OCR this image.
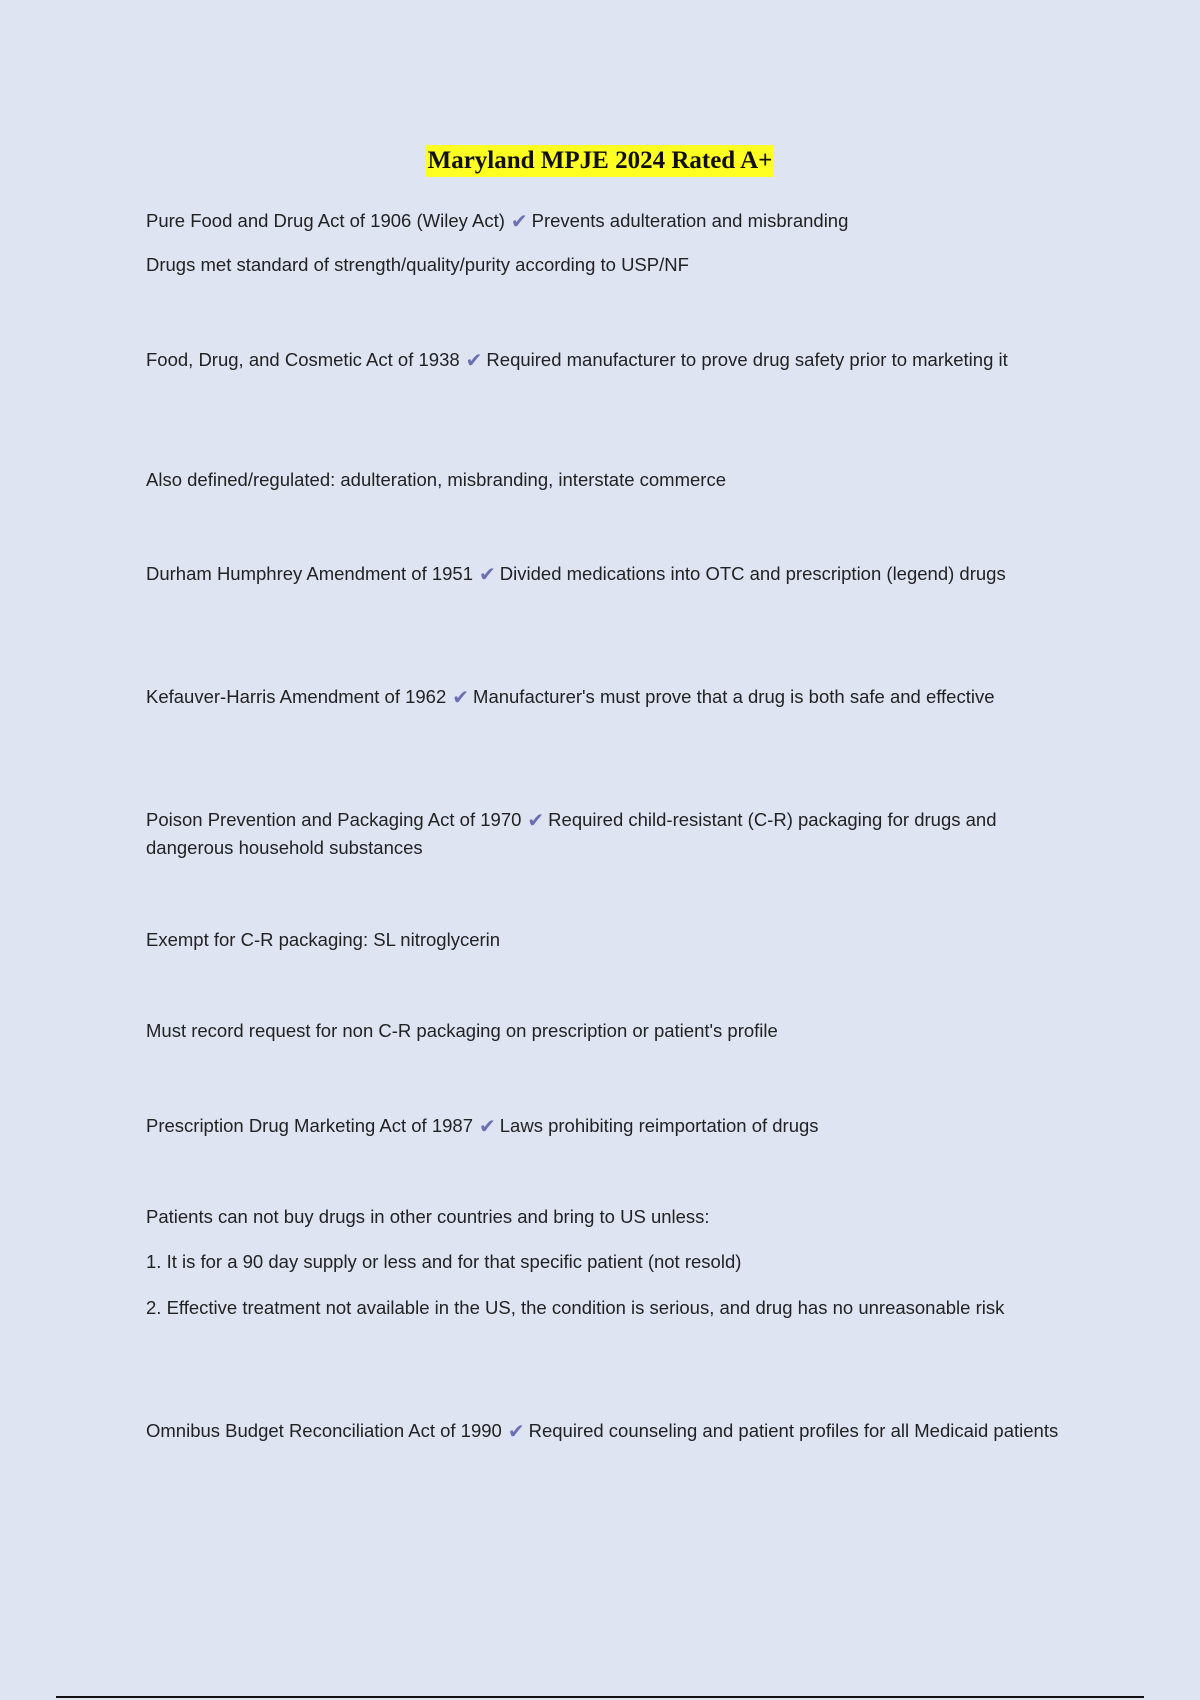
Maryland MPJE 2024 Rated A+
Pure Food and Drug Act of 1906 (Wiley Act) ✔ Prevents adulteration and misbranding
Drugs met standard of strength/quality/purity according to USP/NF
Food, Drug, and Cosmetic Act of 1938 ✔ Required manufacturer to prove drug safety prior to marketing it
Also defined/regulated: adulteration, misbranding, interstate commerce
Durham Humphrey Amendment of 1951 ✔ Divided medications into OTC and prescription (legend) drugs
Kefauver-Harris Amendment of 1962 ✔ Manufacturer's must prove that a drug is both safe and effective
Poison Prevention and Packaging Act of 1970 ✔ Required child-resistant (C-R) packaging for drugs and dangerous household substances
Exempt for C-R packaging: SL nitroglycerin
Must record request for non C-R packaging on prescription or patient's profile
Prescription Drug Marketing Act of 1987 ✔ Laws prohibiting reimportation of drugs
Patients can not buy drugs in other countries and bring to US unless:
1. It is for a 90 day supply or less and for that specific patient (not resold)
2. Effective treatment not available in the US, the condition is serious, and drug has no unreasonable risk
Omnibus Budget Reconciliation Act of 1990 ✔ Required counseling and patient profiles for all Medicaid patients
